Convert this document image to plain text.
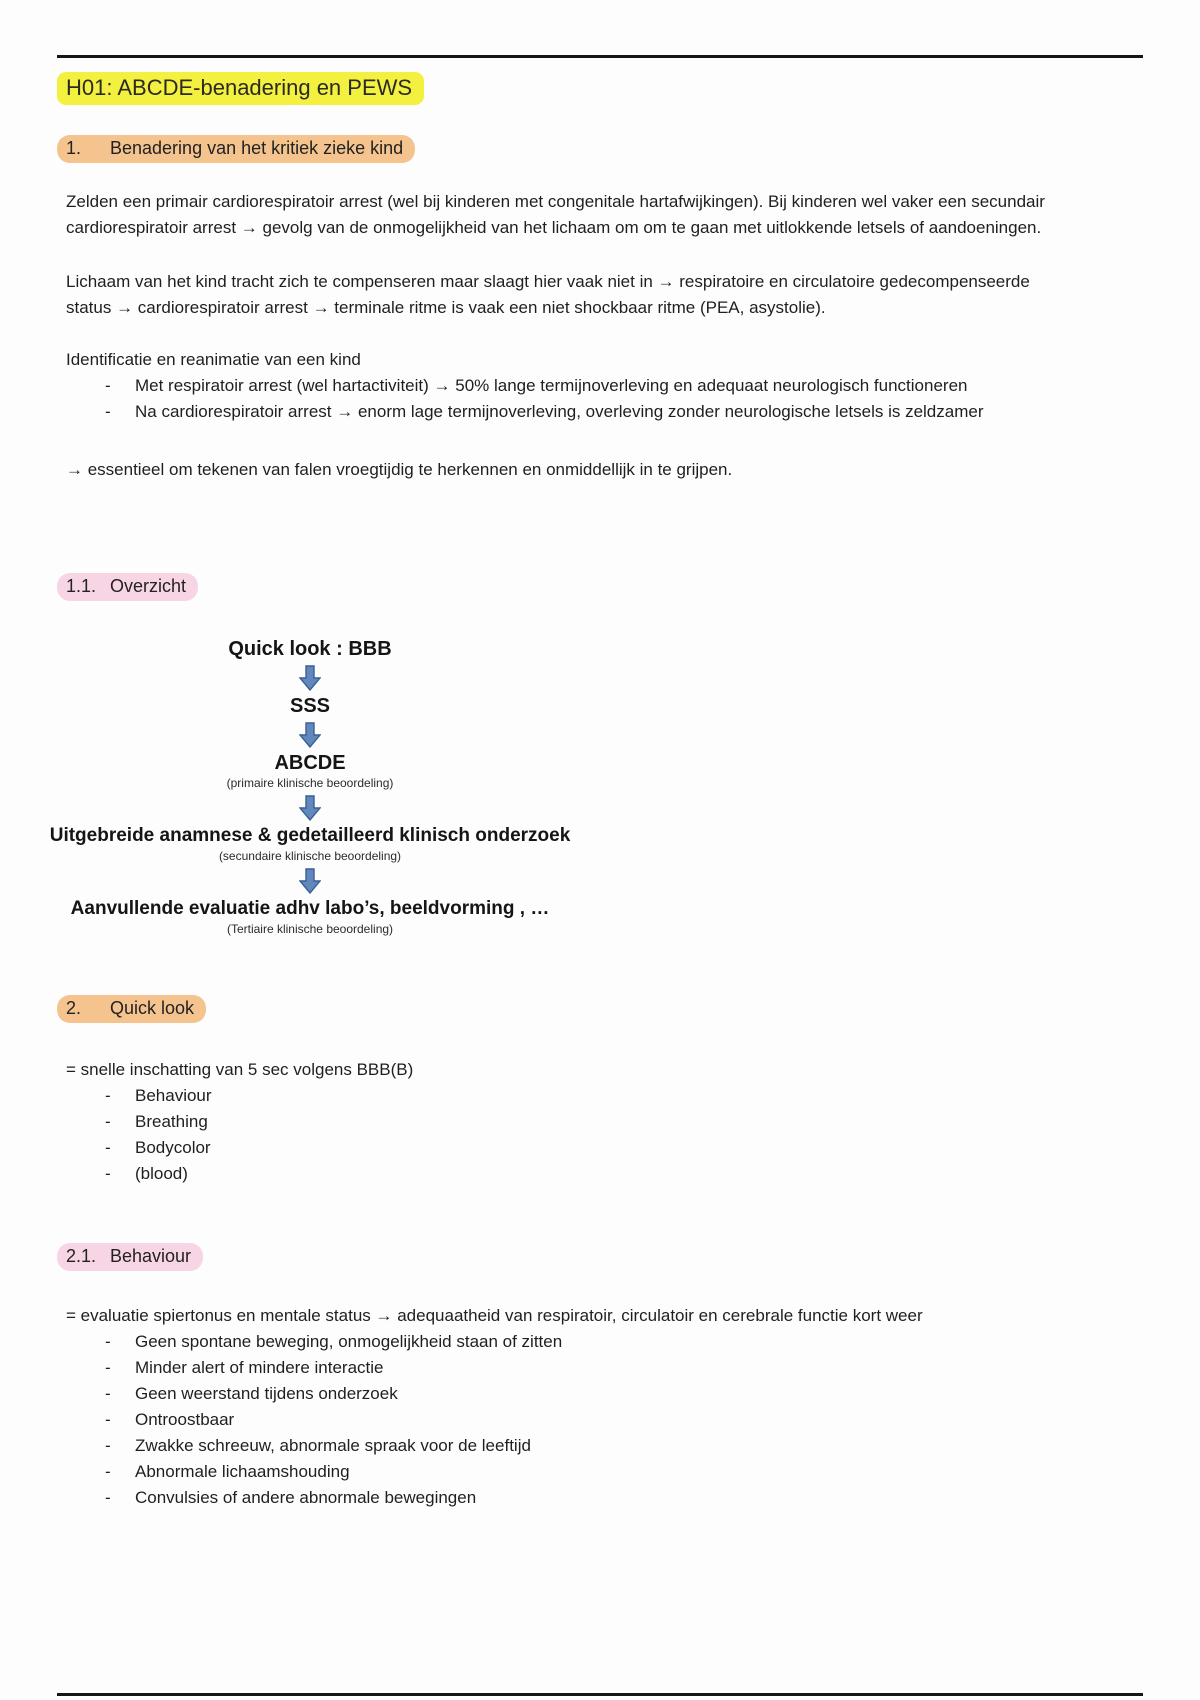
H01: ABCDE-benadering en PEWS
1.	Benadering van het kritiek zieke kind

Zelden een primair cardiorespiratoir arrest (wel bij kinderen met congenitale hartafwijkingen). Bij kinderen wel vaker een secundair cardiorespiratoir arrest → gevolg van de onmogelijkheid van het lichaam om om te gaan met uitlokkende letsels of aandoeningen.

Lichaam van het kind tracht zich te compenseren maar slaagt hier vaak niet in → respiratoire en circulatoire gedecompenseerde status → cardiorespiratoir arrest → terminale ritme is vaak een niet shockbaar ritme (PEA, asystolie).

Identificatie en reanimatie van een kind

-	Met respiratoir arrest (wel hartactiviteit) → 50% lange termijnoverleving en adequaat neurologisch functioneren
-	Na cardiorespiratoir arrest → enorm lage termijnoverleving, overleving zonder neurologische letsels is zeldzamer

→ essentieel om tekenen van falen vroegtijdig te herkennen en onmiddellijk in te grijpen.

1.1. Overzicht

Quick look : BBB

SSS

ABCDE

(primaire klinische beoordeling)

Uitgebreide anamnese & gedetailleerd klinisch onderzoek

(secundaire klinische beoordeling)

Aanvullende evaluatie adhv labo’s, beeldvorming , …

(Tertiaire klinische beoordeling)

2.	Quick look

= snelle inschatting van 5 sec volgens BBB(B)

-	Behaviour
-	Breathing
-	Bodycolor
-	(blood)
2.1. Behaviour

= evaluatie spiertonus en mentale status → adequaatheid van respiratoir, circulatoir en cerebrale functie kort weer

-	Geen spontane beweging, onmogelijkheid staan of zitten
-	Minder alert of mindere interactie
-	Geen weerstand tijdens onderzoek
-	Ontroostbaar
-	Zwakke schreeuw, abnormale spraak voor de leeftijd
-	Abnormale lichaamshouding
-	Convulsies of andere abnormale bewegingen
